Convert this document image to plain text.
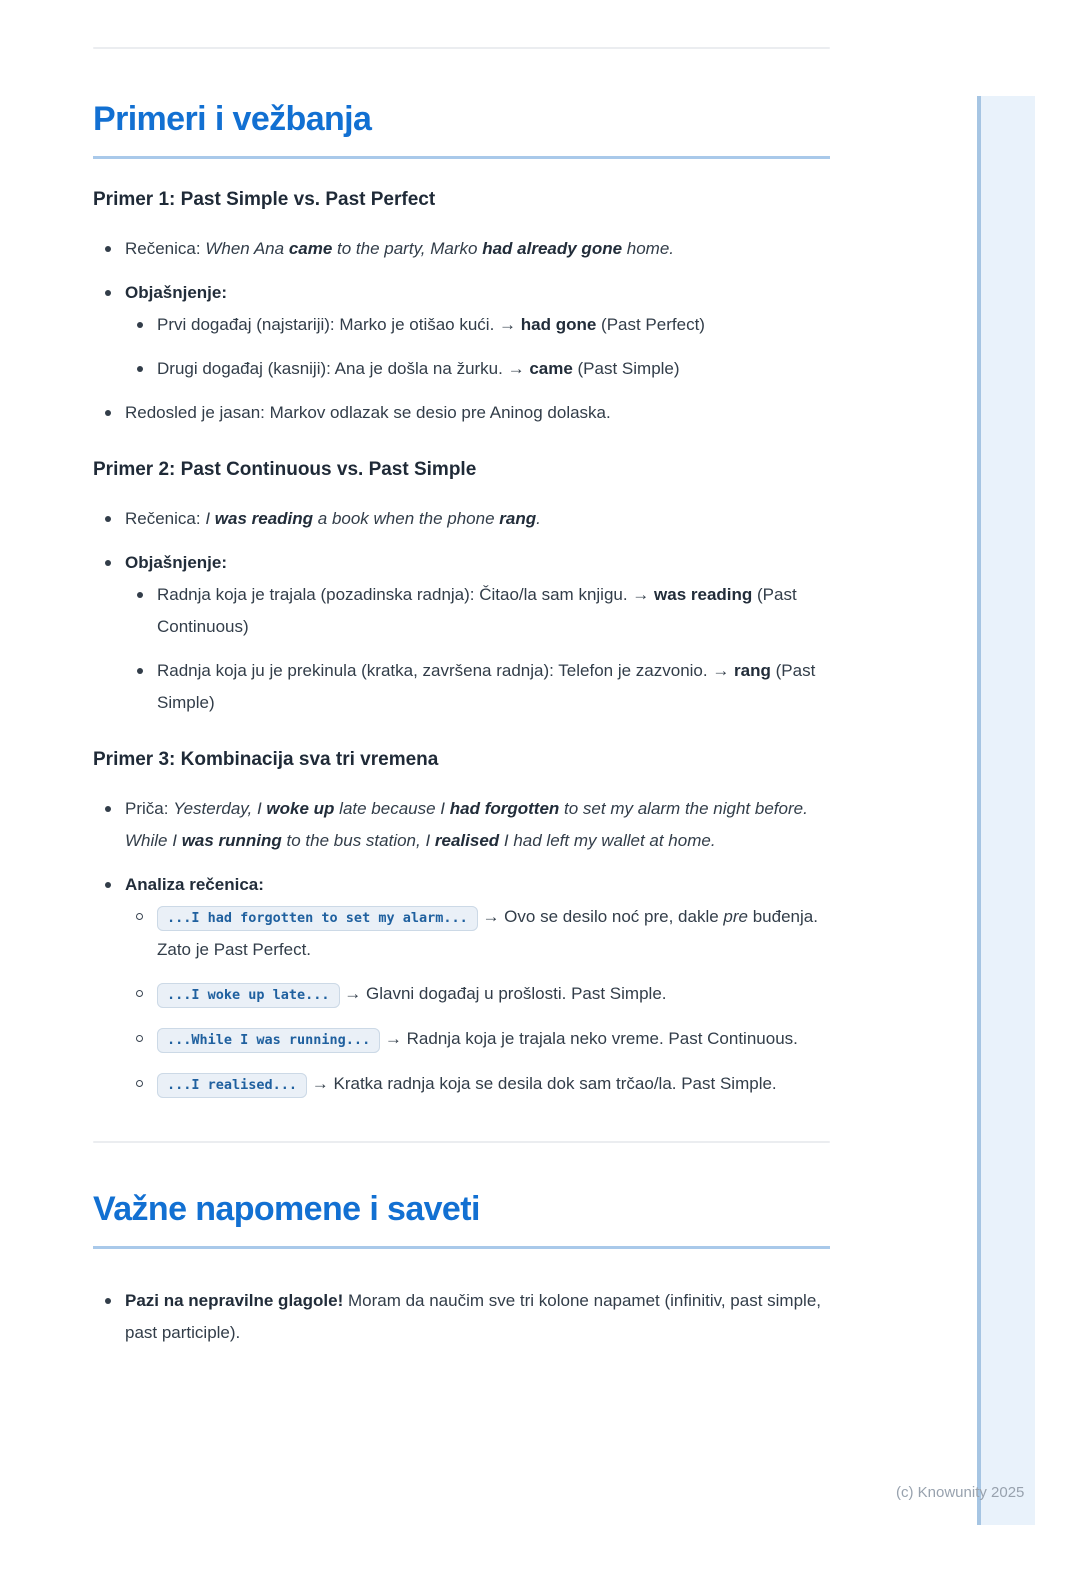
(c) Knowunity 2025
Primeri i vežbanja
Primer 1: Past Simple vs. Past Perfect
Rečenica: When Ana came to the party, Marko had already gone home.
Objašnjenje:
Prvi događaj (najstariji): Marko je otišao kući. → had gone (Past Perfect)
Drugi događaj (kasniji): Ana je došla na žurku. → came (Past Simple)
Redosled je jasan: Markov odlazak se desio pre Aninog dolaska.
Primer 2: Past Continuous vs. Past Simple
Rečenica: I was reading a book when the phone rang.
Objašnjenje:
Radnja koja je trajala (pozadinska radnja): Čitao/la sam knjigu. → was reading (Past Continuous)
Radnja koja ju je prekinula (kratka, završena radnja): Telefon je zazvonio. → rang (Past Simple)
Primer 3: Kombinacija sva tri vremena
Priča: Yesterday, I woke up late because I had forgotten to set my alarm the night before. While I was running to the bus station, I realised I had left my wallet at home.
Analiza rečenica:
...I had forgotten to set my alarm... → Ovo se desilo noć pre, dakle pre buđenja. Zato je Past Perfect.
...I woke up late... → Glavni događaj u prošlosti. Past Simple.
...While I was running... → Radnja koja je trajala neko vreme. Past Continuous.
...I realised... → Kratka radnja koja se desila dok sam trčao/la. Past Simple.
Važne napomene i saveti
Pazi na nepravilne glagole! Moram da naučim sve tri kolone napamet (infinitiv, past simple, past participle).
